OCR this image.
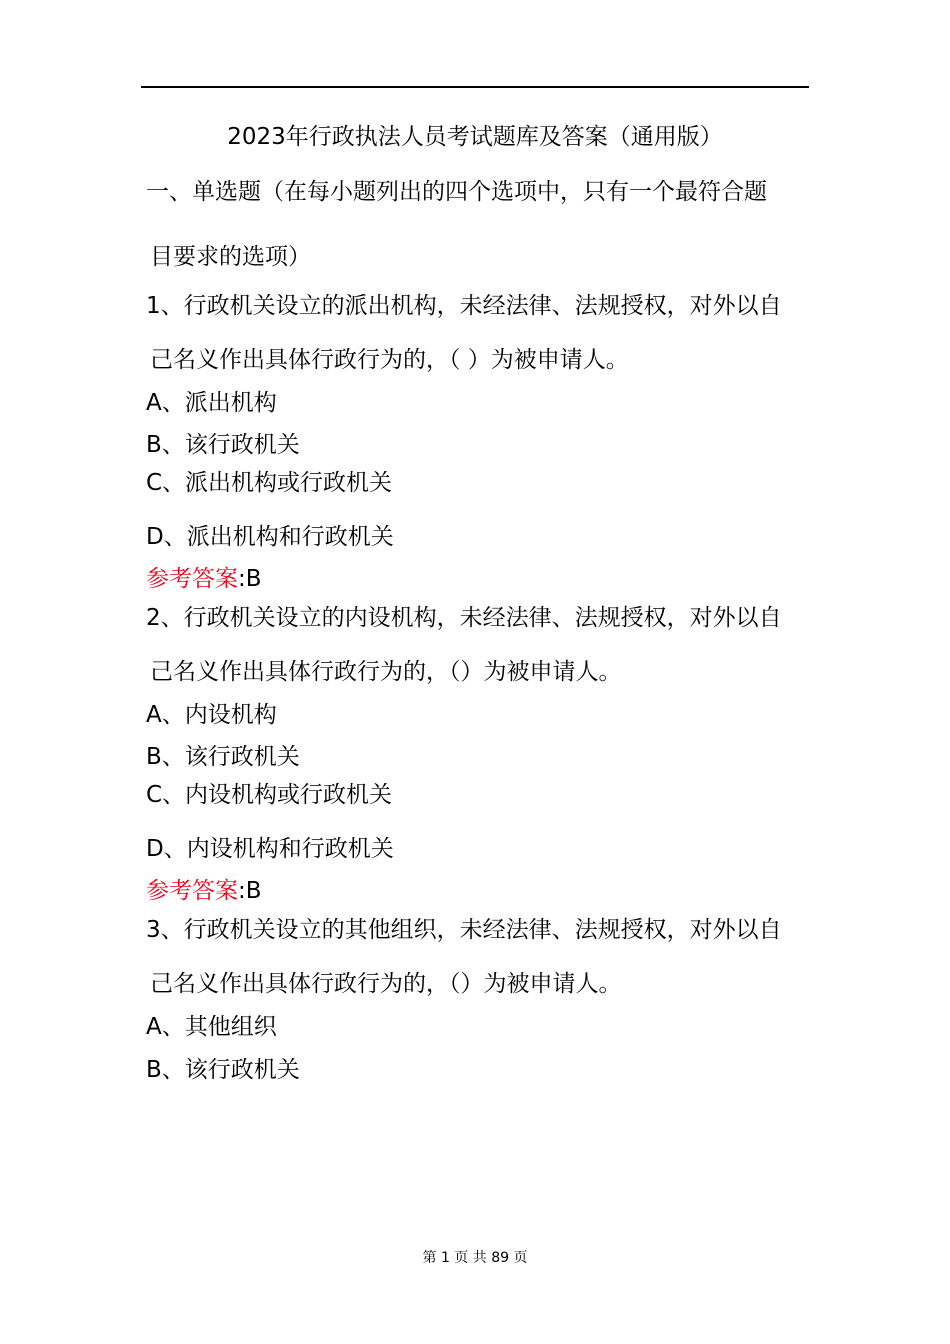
2023年行政执法人员考试题库及答案（通用版）
一、单选题（在每小题列出的四个选项中，只有一个最符合题
目要求的选项）
1、行政机关设立的派出机构，未经法律、法规授权，对外以自
己名义作出具体行政行为的，（ ）为被申请人。
A、派出机构
B、该行政机关
C、派出机构或行政机关
D、派出机构和行政机关
参考答案:B
2、行政机关设立的内设机构，未经法律、法规授权，对外以自
己名义作出具体行政行为的，（）为被申请人。
A、内设机构
B、该行政机关
C、内设机构或行政机关
D、内设机构和行政机关
参考答案:B
3、行政机关设立的其他组织，未经法律、法规授权，对外以自
己名义作出具体行政行为的，（）为被申请人。
A、其他组织
B、该行政机关
第 1 页 共 89 页
